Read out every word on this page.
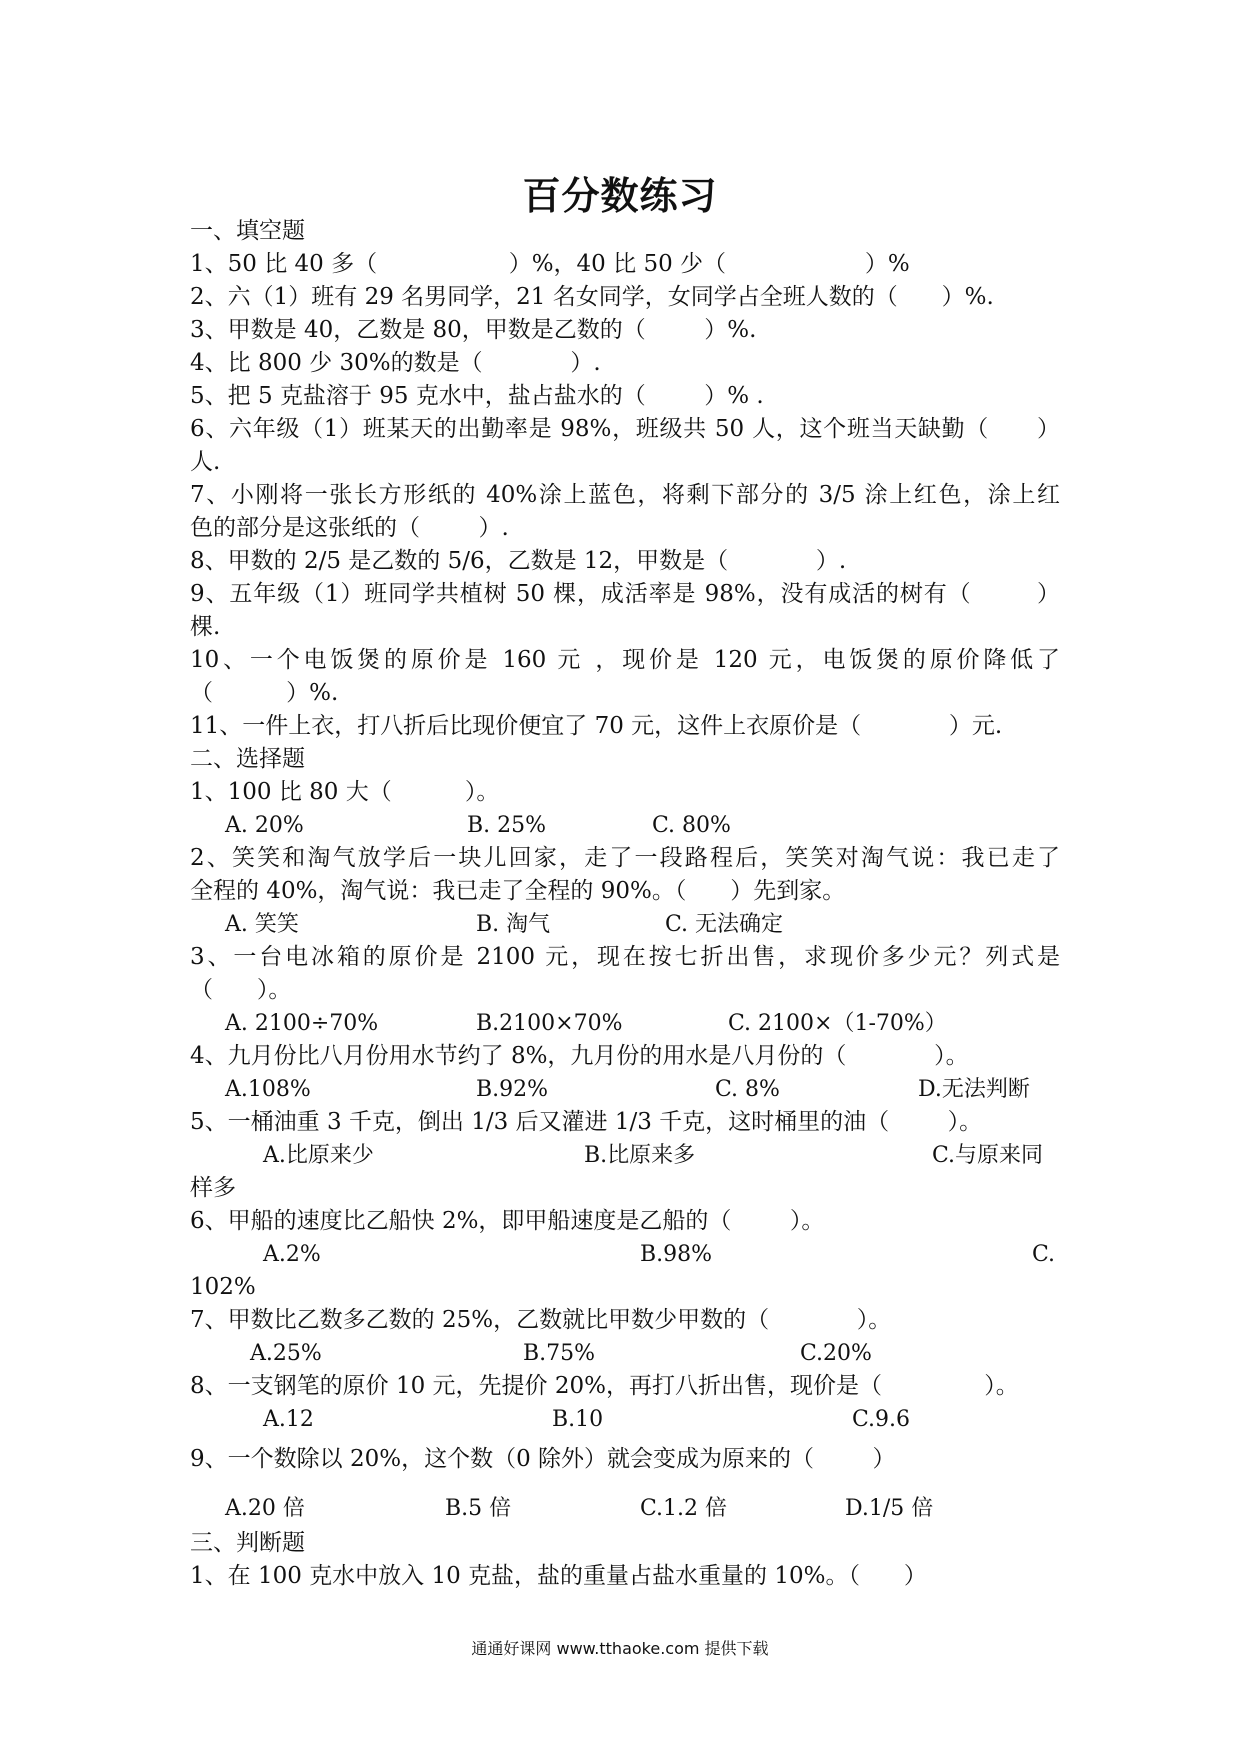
百分数练习
一、填空题
1、50 比 40 多（                  ）%，40 比 50 少（                   ）%
2、六（1）班有 29 名男同学，21 名女同学，女同学占全班人数的（      ）%.
3、甲数是 40，乙数是 80，甲数是乙数的（        ）%.
4、比 800 少 30%的数是（            ）.
5、把 5 克盐溶于 95 克水中，盐占盐水的（        ）% .
6、六年级（1）班某天的出勤率是 98%，班级共 50 人，这个班当天缺勤（      ）
人.
7、小刚将一张长方形纸的 40%涂上蓝色，将剩下部分的 3/5 涂上红色，涂上红
色的部分是这张纸的（        ）.
8、甲数的 2/5 是乙数的 5/6，乙数是 12，甲数是（            ）.
9、五年级（1）班同学共植树 50 棵，成活率是 98%，没有成活的树有（        ）
棵.
10、一个电饭煲的原价是 160 元 ，现价是 120 元，电饭煲的原价降低了
（          ）%.
11、一件上衣，打八折后比现价便宜了 70 元，这件上衣原价是（            ）元.
二、选择题
1、100 比 80 大（          ）。
A. 20%	B. 25%	C. 80%
2、笑笑和淘气放学后一块儿回家，走了一段路程后，笑笑对淘气说：我已走了
全程的 40%，淘气说：我已走了全程的 90%。（      ）先到家。
A. 笑笑	B. 淘气	C. 无法确定
3、一台电冰箱的原价是 2100 元，现在按七折出售，求现价多少元？列式是
（      ）。
A. 2100÷70%	B.2100×70%	C. 2100×（1-70%）
4、九月份比八月份用水节约了 8%，九月份的用水是八月份的（            ）。
A.108%	B.92%	C. 8%	D.无法判断
5、一桶油重 3 千克，倒出 1/3 后又灌进 1/3 千克，这时桶里的油（        ）。
A.比原来少	B.比原来多	C.与原来同
样多
6、甲船的速度比乙船快 2%，即甲船速度是乙船的（        ）。
A.2%	B.98%	C.
102%
7、甲数比乙数多乙数的 25%，乙数就比甲数少甲数的（            ）。
A.25%	B.75%	C.20%
8、一支钢笔的原价 10 元，先提价 20%，再打八折出售，现价是（              ）。
A.12	B.10	C.9.6
9、一个数除以 20%，这个数（0 除外）就会变成为原来的（        ）
A.20 倍	B.5 倍	C.1.2 倍	D.1/5 倍
三、判断题
1、在 100 克水中放入 10 克盐，盐的重量占盐水重量的 10%。（      ）
通通好课网 www.tthaoke.com 提供下载
